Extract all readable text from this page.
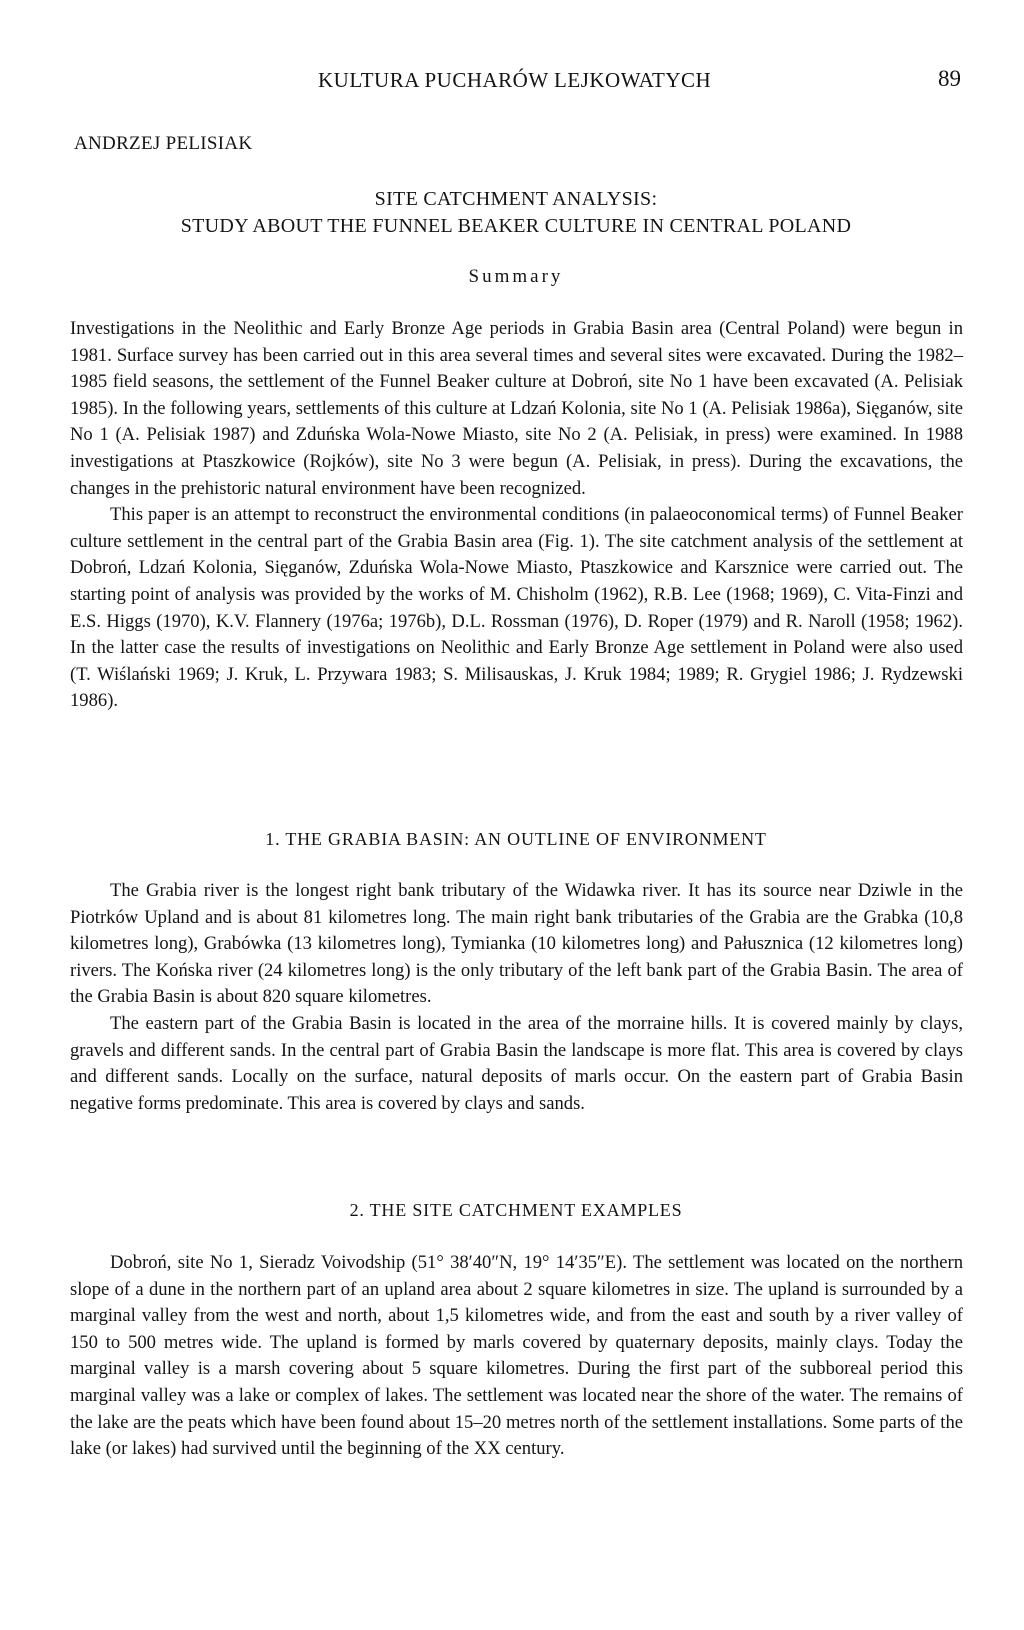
KULTURA PUCHARÓW LEJKOWATYCH	89
ANDRZEJ PELISIAK
SITE CATCHMENT ANALYSIS:
STUDY ABOUT THE FUNNEL BEAKER CULTURE IN CENTRAL POLAND
Summary

Investigations in the Neolithic and Early Bronze Age periods in Grabia Basin area (Central Poland) were begun in 1981. Surface survey has been carried out in this area several times and several sites were excavated. During the 1982–1985 field seasons, the settlement of the Funnel Beaker culture at Dobroń, site No 1 have been excavated (A. Pelisiak 1985). In the following years, settlements of this culture at Ldzań Kolonia, site No 1 (A. Pelisiak 1986a), Sięganów, site No 1 (A. Pelisiak 1987) and Zduńska Wola-Nowe Miasto, site No 2 (A. Pelisiak, in press) were examined. In 1988 investigations at Ptaszkowice (Rojków), site No 3 were begun (A. Pelisiak, in press). During the excavations, the changes in the prehistoric natural environment have been recognized.

This paper is an attempt to reconstruct the environmental conditions (in palaeoconomical terms) of Funnel Beaker culture settlement in the central part of the Grabia Basin area (Fig. 1). The site catchment analysis of the settlement at Dobroń, Ldzań Kolonia, Sięganów, Zduńska Wola-Nowe Miasto, Ptaszkowice and Karsznice were carried out. The starting point of analysis was provided by the works of M. Chisholm (1962), R.B. Lee (1968; 1969), C. Vita-Finzi and E.S. Higgs (1970), K.V. Flannery (1976a; 1976b), D.L. Rossman (1976), D. Roper (1979) and R. Naroll (1958; 1962). In the latter case the results of investigations on Neolithic and Early Bronze Age settlement in Poland were also used (T. Wiślański 1969; J. Kruk, L. Przywara 1983; S. Milisauskas, J. Kruk 1984; 1989; R. Grygiel 1986; J. Rydzewski 1986).

1. THE GRABIA BASIN: AN OUTLINE OF ENVIRONMENT

The Grabia river is the longest right bank tributary of the Widawka river. It has its source near Dziwle in the Piotrków Upland and is about 81 kilometres long. The main right bank tributaries of the Grabia are the Grabka (10,8 kilometres long), Grabówka (13 kilometres long), Tymianka (10 kilometres long) and Pałusznica (12 kilometres long) rivers. The Końska river (24 kilometres long) is the only tributary of the left bank part of the Grabia Basin. The area of the Grabia Basin is about 820 square kilometres.

The eastern part of the Grabia Basin is located in the area of the morraine hills. It is covered mainly by clays, gravels and different sands. In the central part of Grabia Basin the landscape is more flat. This area is covered by clays and different sands. Locally on the surface, natural deposits of marls occur. On the eastern part of Grabia Basin negative forms predominate. This area is covered by clays and sands.

2. THE SITE CATCHMENT EXAMPLES

Dobroń, site No 1, Sieradz Voivodship (51° 38′40″N, 19° 14′35″E). The settlement was located on the northern slope of a dune in the northern part of an upland area about 2 square kilometres in size. The upland is surrounded by a marginal valley from the west and north, about 1,5 kilometres wide, and from the east and south by a river valley of 150 to 500 metres wide. The upland is formed by marls covered by quaternary deposits, mainly clays. Today the marginal valley is a marsh covering about 5 square kilometres. During the first part of the subboreal period this marginal valley was a lake or complex of lakes. The settlement was located near the shore of the water. The remains of the lake are the peats which have been found about 15–20 metres north of the settlement installations. Some parts of the lake (or lakes) had survived until the beginning of the XX century.
